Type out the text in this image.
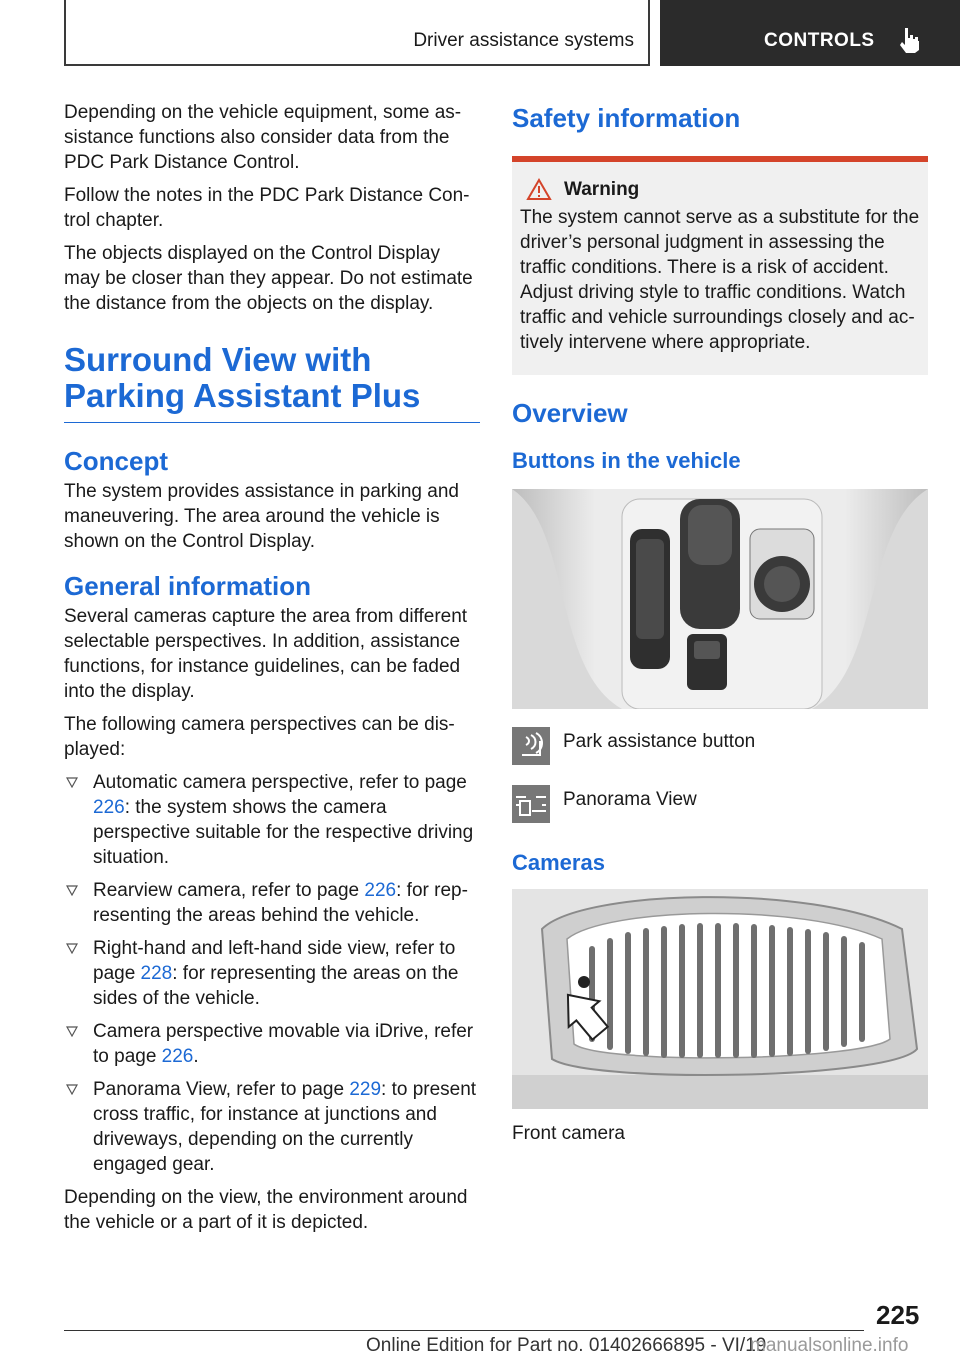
Driver assistance systems	CONTROLS

Depending on the vehicle equipment, some as-sistance functions also consider data from the PDC Park Distance Control.

Follow the notes in the PDC Park Distance Con-trol chapter.

The objects displayed on the Control Display may be closer than they appear. Do not estimate the distance from the objects on the display.

Surround View with Parking Assistant Plus
Concept

The system provides assistance in parking and maneuvering. The area around the vehicle is shown on the Control Display.

General information

Several cameras capture the area from different selectable perspectives. In addition, assistance functions, for instance guidelines, can be faded into the display.

The following camera perspectives can be dis-played:

Automatic camera perspective, refer to page 226: the system shows the camera perspective suitable for the respective driving situation.
Rearview camera, refer to page 226: for rep-resenting the areas behind the vehicle.
Right-hand and left-hand side view, refer to page 228: for representing the areas on the sides of the vehicle.
Camera perspective movable via iDrive, refer to page 226.
Panorama View, refer to page 229: to present cross traffic, for instance at junctions and driveways, depending on the currently engaged gear.

Depending on the view, the environment around the vehicle or a part of it is depicted.

Safety information
Warning

The system cannot serve as a substitute for the driver’s personal judgment in assessing the traffic conditions. There is a risk of accident. Adjust driving style to traffic conditions. Watch traffic and vehicle surroundings closely and ac-tively intervene where appropriate.

Overview
Buttons in the vehicle
Park assistance button
Panorama View
Cameras

Front camera

225
Online Edition for Part no. 01402666895 - VI/19
manualsonline.info
